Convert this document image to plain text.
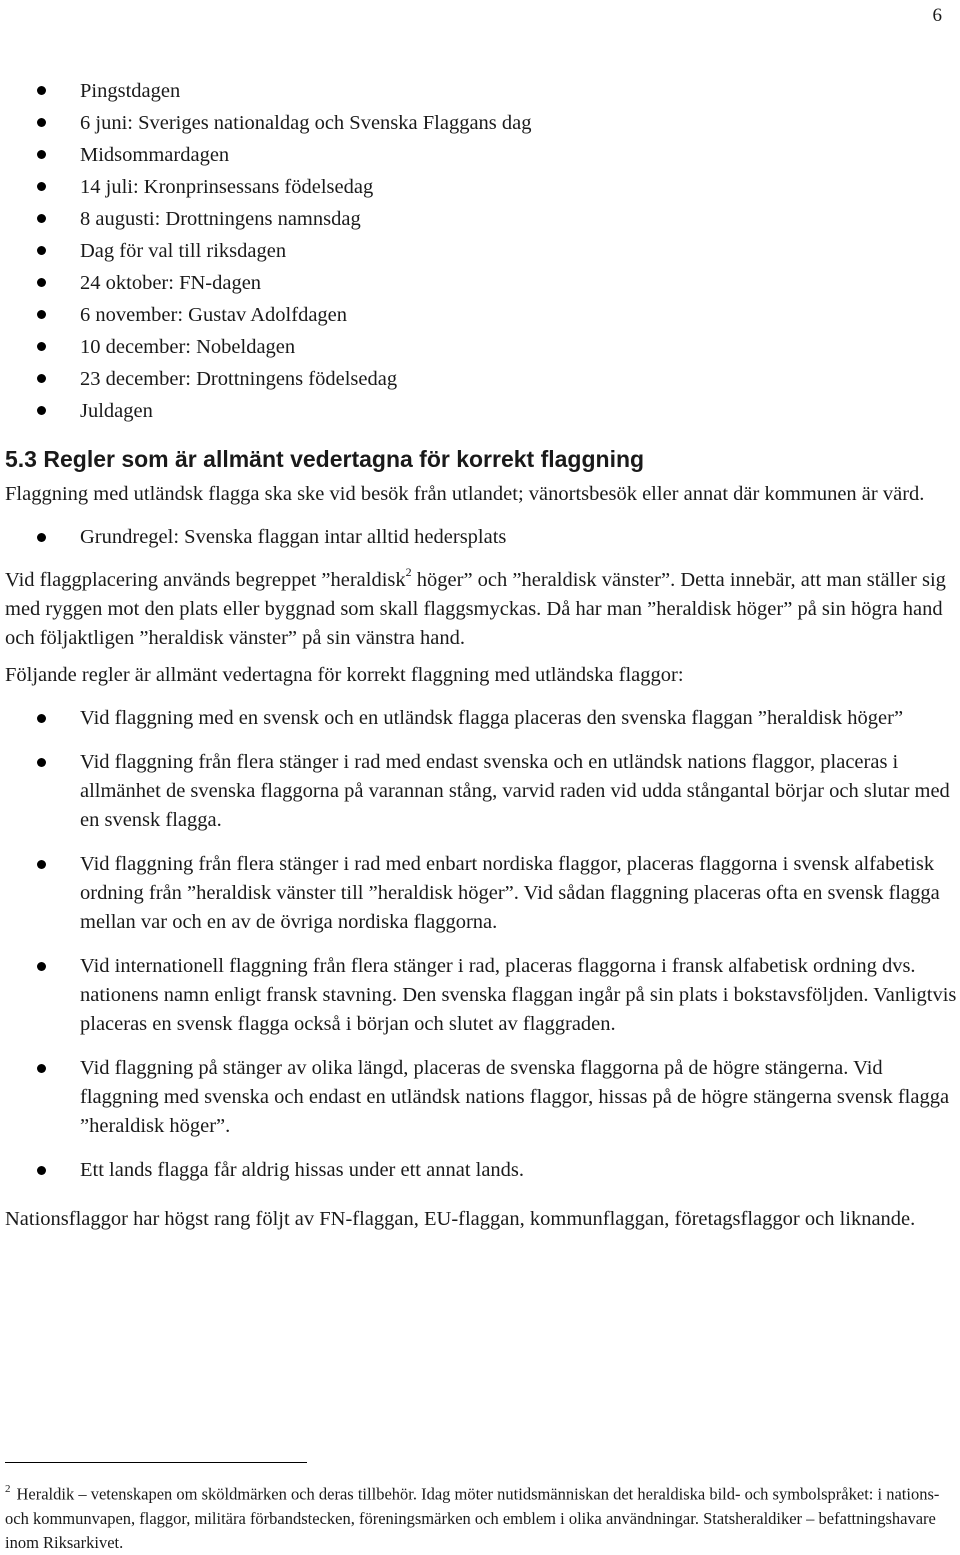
6
Pingstdagen
6 juni: Sveriges nationaldag och Svenska Flaggans dag
Midsommardagen
14 juli: Kronprinsessans födelsedag
8 augusti: Drottningens namnsdag
Dag för val till riksdagen
24 oktober: FN-dagen
6 november: Gustav Adolfdagen
10 december: Nobeldagen
23 december: Drottningens födelsedag
Juldagen
5.3 Regler som är allmänt vedertagna för korrekt flaggning

Flaggning med utländsk flagga ska ske vid besök från utlandet; vänortsbesök eller annat där kommunen är värd.

Grundregel: Svenska flaggan intar alltid hedersplats

Vid flaggplacering används begreppet ”heraldisk$^2$ höger” och ”heraldisk vänster”. Detta innebär, att man ställer sig med ryggen mot den plats eller byggnad som skall flaggsmyckas. Då har man ”heraldisk höger” på sin högra hand och följaktligen ”heraldisk vänster” på sin vänstra hand.

Följande regler är allmänt vedertagna för korrekt flaggning med utländska flaggor:

Vid flaggning med en svensk och en utländsk flagga placeras den svenska flaggan ”heraldisk höger”
Vid flaggning från flera stänger i rad med endast svenska och en utländsk nations flaggor, placeras i allmänhet de svenska flaggorna på varannan stång, varvid raden vid udda stångantal börjar och slutar med en svensk flagga.
Vid flaggning från flera stänger i rad med enbart nordiska flaggor, placeras flaggorna i svensk alfabetisk ordning från ”heraldisk vänster till ”heraldisk höger”. Vid sådan flaggning placeras ofta en svensk flagga mellan var och en av de övriga nordiska flaggorna.
Vid internationell flaggning från flera stänger i rad, placeras flaggorna i fransk alfabetisk ordning dvs. nationens namn enligt fransk stavning. Den svenska flaggan ingår på sin plats i bokstavsföljden. Vanligtvis placeras en svensk flagga också i början och slutet av flaggraden.
Vid flaggning på stänger av olika längd, placeras de svenska flaggorna på de högre stängerna. Vid flaggning med svenska och endast en utländsk nations flaggor, hissas på de högre stängerna svensk flagga ”heraldisk höger”.
Ett lands flagga får aldrig hissas under ett annat lands.

Nationsflaggor har högst rang följt av FN-flaggan, EU-flaggan, kommunflaggan, företagsflaggor och liknande.

$^2$ Heraldik – vetenskapen om sköldmärken och deras tillbehör. Idag möter nutidsmänniskan det heraldiska bild- och symbolspråket: i nations- och kommunvapen, flaggor, militära förbandstecken, föreningsmärken och emblem i olika användningar. Statsheraldiker – befattningshavare inom Riksarkivet.
